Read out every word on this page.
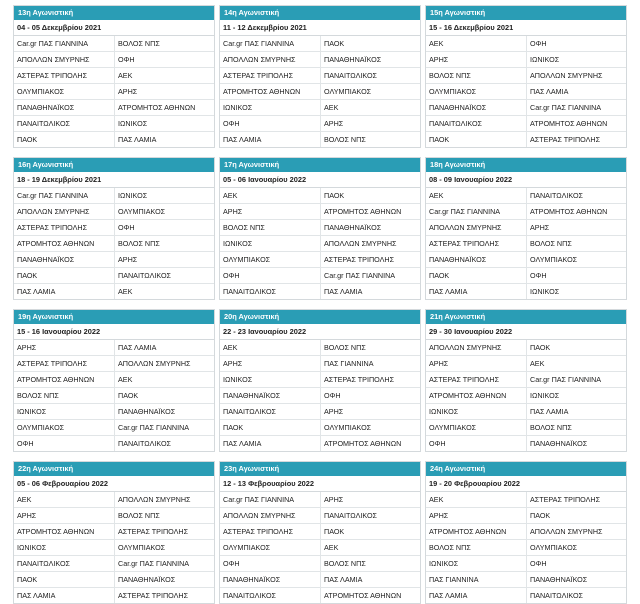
13η Αγωνιστική
04 - 05 Δεκεμβρίου 2021
Car.gr ΠΑΣ ΓΙΑΝΝΙΝΑ	ΒΟΛΟΣ ΝΠΣ
ΑΠΟΛΛΩΝ ΣΜΥΡΝΗΣ	ΟΦΗ
ΑΣΤΕΡΑΣ ΤΡΙΠΟΛΗΣ	ΑΕΚ
ΟΛΥΜΠΙΑΚΟΣ	ΑΡΗΣ
ΠΑΝΑΘΗΝΑΪΚΟΣ	ΑΤΡΟΜΗΤΟΣ ΑΘΗΝΩΝ
ΠΑΝΑΙΤΩΛΙΚΟΣ	ΙΩΝΙΚΟΣ
ΠΑΟΚ	ΠΑΣ ΛΑΜΙΑ
14η Αγωνιστική
11 - 12 Δεκεμβρίου 2021
Car.gr ΠΑΣ ΓΙΑΝΝΙΝΑ	ΠΑΟΚ
ΑΠΟΛΛΩΝ ΣΜΥΡΝΗΣ	ΠΑΝΑΘΗΝΑΪΚΟΣ
ΑΣΤΕΡΑΣ ΤΡΙΠΟΛΗΣ	ΠΑΝΑΙΤΩΛΙΚΟΣ
ΑΤΡΟΜΗΤΟΣ ΑΘΗΝΩΝ	ΟΛΥΜΠΙΑΚΟΣ
ΙΩΝΙΚΟΣ	ΑΕΚ
ΟΦΗ	ΑΡΗΣ
ΠΑΣ ΛΑΜΙΑ	ΒΟΛΟΣ ΝΠΣ
15η Αγωνιστική
15 - 16 Δεκεμβρίου 2021
ΑΕΚ	ΟΦΗ
ΑΡΗΣ	ΙΩΝΙΚΟΣ
ΒΟΛΟΣ ΝΠΣ	ΑΠΟΛΛΩΝ ΣΜΥΡΝΗΣ
ΟΛΥΜΠΙΑΚΟΣ	ΠΑΣ ΛΑΜΙΑ
ΠΑΝΑΘΗΝΑΪΚΟΣ	Car.gr ΠΑΣ ΓΙΑΝΝΙΝΑ
ΠΑΝΑΙΤΩΛΙΚΟΣ	ΑΤΡΟΜΗΤΟΣ ΑΘΗΝΩΝ
ΠΑΟΚ	ΑΣΤΕΡΑΣ ΤΡΙΠΟΛΗΣ
16η Αγωνιστική
18 - 19 Δεκεμβρίου 2021
Car.gr ΠΑΣ ΓΙΑΝΝΙΝΑ	ΙΩΝΙΚΟΣ
ΑΠΟΛΛΩΝ ΣΜΥΡΝΗΣ	ΟΛΥΜΠΙΑΚΟΣ
ΑΣΤΕΡΑΣ ΤΡΙΠΟΛΗΣ	ΟΦΗ
ΑΤΡΟΜΗΤΟΣ ΑΘΗΝΩΝ	ΒΟΛΟΣ ΝΠΣ
ΠΑΝΑΘΗΝΑΪΚΟΣ	ΑΡΗΣ
ΠΑΟΚ	ΠΑΝΑΙΤΩΛΙΚΟΣ
ΠΑΣ ΛΑΜΙΑ	ΑΕΚ
17η Αγωνιστική
05 - 06 Ιανουαρίου 2022
ΑΕΚ	ΠΑΟΚ
ΑΡΗΣ	ΑΤΡΟΜΗΤΟΣ ΑΘΗΝΩΝ
ΒΟΛΟΣ ΝΠΣ	ΠΑΝΑΘΗΝΑΪΚΟΣ
ΙΩΝΙΚΟΣ	ΑΠΟΛΛΩΝ ΣΜΥΡΝΗΣ
ΟΛΥΜΠΙΑΚΟΣ	ΑΣΤΕΡΑΣ ΤΡΙΠΟΛΗΣ
ΟΦΗ	Car.gr ΠΑΣ ΓΙΑΝΝΙΝΑ
ΠΑΝΑΙΤΩΛΙΚΟΣ	ΠΑΣ ΛΑΜΙΑ
18η Αγωνιστική
08 - 09 Ιανουαρίου 2022
ΑΕΚ	ΠΑΝΑΙΤΩΛΙΚΟΣ
Car.gr ΠΑΣ ΓΙΑΝΝΙΝΑ	ΑΤΡΟΜΗΤΟΣ ΑΘΗΝΩΝ
ΑΠΟΛΛΩΝ ΣΜΥΡΝΗΣ	ΑΡΗΣ
ΑΣΤΕΡΑΣ ΤΡΙΠΟΛΗΣ	ΒΟΛΟΣ ΝΠΣ
ΠΑΝΑΘΗΝΑΪΚΟΣ	ΟΛΥΜΠΙΑΚΟΣ
ΠΑΟΚ	ΟΦΗ
ΠΑΣ ΛΑΜΙΑ	ΙΩΝΙΚΟΣ
19η Αγωνιστική
15 - 16 Ιανουαρίου 2022
ΑΡΗΣ	ΠΑΣ ΛΑΜΙΑ
ΑΣΤΕΡΑΣ ΤΡΙΠΟΛΗΣ	ΑΠΟΛΛΩΝ ΣΜΥΡΝΗΣ
ΑΤΡΟΜΗΤΟΣ ΑΘΗΝΩΝ	ΑΕΚ
ΒΟΛΟΣ ΝΠΣ	ΠΑΟΚ
ΙΩΝΙΚΟΣ	ΠΑΝΑΘΗΝΑΪΚΟΣ
ΟΛΥΜΠΙΑΚΟΣ	Car.gr ΠΑΣ ΓΙΑΝΝΙΝΑ
ΟΦΗ	ΠΑΝΑΙΤΩΛΙΚΟΣ
20η Αγωνιστική
22 - 23 Ιανουαρίου 2022
ΑΕΚ	ΒΟΛΟΣ ΝΠΣ
ΑΡΗΣ	ΠΑΣ ΓΙΑΝΝΙΝΑ
ΙΩΝΙΚΟΣ	ΑΣΤΕΡΑΣ ΤΡΙΠΟΛΗΣ
ΠΑΝΑΘΗΝΑΪΚΟΣ	ΟΦΗ
ΠΑΝΑΙΤΩΛΙΚΟΣ	ΑΡΗΣ
ΠΑΟΚ	ΟΛΥΜΠΙΑΚΟΣ
ΠΑΣ ΛΑΜΙΑ	ΑΤΡΟΜΗΤΟΣ ΑΘΗΝΩΝ
21η Αγωνιστική
29 - 30 Ιανουαρίου 2022
ΑΠΟΛΛΩΝ ΣΜΥΡΝΗΣ	ΠΑΟΚ
ΑΡΗΣ	ΑΕΚ
ΑΣΤΕΡΑΣ ΤΡΙΠΟΛΗΣ	Car.gr ΠΑΣ ΓΙΑΝΝΙΝΑ
ΑΤΡΟΜΗΤΟΣ ΑΘΗΝΩΝ	ΙΩΝΙΚΟΣ
ΙΩΝΙΚΟΣ	ΠΑΣ ΛΑΜΙΑ
ΟΛΥΜΠΙΑΚΟΣ	ΒΟΛΟΣ ΝΠΣ
ΟΦΗ	ΠΑΝΑΘΗΝΑΪΚΟΣ
22η Αγωνιστική
05 - 06 Φεβρουαρίου 2022
ΑΕΚ	ΑΠΟΛΛΩΝ ΣΜΥΡΝΗΣ
ΑΡΗΣ	ΒΟΛΟΣ ΝΠΣ
ΑΤΡΟΜΗΤΟΣ ΑΘΗΝΩΝ	ΑΣΤΕΡΑΣ ΤΡΙΠΟΛΗΣ
ΙΩΝΙΚΟΣ	ΟΛΥΜΠΙΑΚΟΣ
ΠΑΝΑΙΤΩΛΙΚΟΣ	Car.gr ΠΑΣ ΓΙΑΝΝΙΝΑ
ΠΑΟΚ	ΠΑΝΑΘΗΝΑΪΚΟΣ
ΠΑΣ ΛΑΜΙΑ	ΑΣΤΕΡΑΣ ΤΡΙΠΟΛΗΣ
23η Αγωνιστική
12 - 13 Φεβρουαρίου 2022
Car.gr ΠΑΣ ΓΙΑΝΝΙΝΑ	ΑΡΗΣ
ΑΠΟΛΛΩΝ ΣΜΥΡΝΗΣ	ΠΑΝΑΙΤΩΛΙΚΟΣ
ΑΣΤΕΡΑΣ ΤΡΙΠΟΛΗΣ	ΠΑΟΚ
ΟΛΥΜΠΙΑΚΟΣ	ΑΕΚ
ΟΦΗ	ΒΟΛΟΣ ΝΠΣ
ΠΑΝΑΘΗΝΑΪΚΟΣ	ΠΑΣ ΛΑΜΙΑ
ΠΑΝΑΙΤΩΛΙΚΟΣ	ΑΤΡΟΜΗΤΟΣ ΑΘΗΝΩΝ
24η Αγωνιστική
19 - 20 Φεβρουαρίου 2022
ΑΕΚ	ΑΣΤΕΡΑΣ ΤΡΙΠΟΛΗΣ
ΑΡΗΣ	ΠΑΟΚ
ΑΤΡΟΜΗΤΟΣ ΑΘΗΝΩΝ	ΑΠΟΛΛΩΝ ΣΜΥΡΝΗΣ
ΒΟΛΟΣ ΝΠΣ	ΟΛΥΜΠΙΑΚΟΣ
ΙΩΝΙΚΟΣ	ΟΦΗ
ΠΑΣ ΓΙΑΝΝΙΝΑ	ΠΑΝΑΘΗΝΑΪΚΟΣ
ΠΑΣ ΛΑΜΙΑ	ΠΑΝΑΙΤΩΛΙΚΟΣ
